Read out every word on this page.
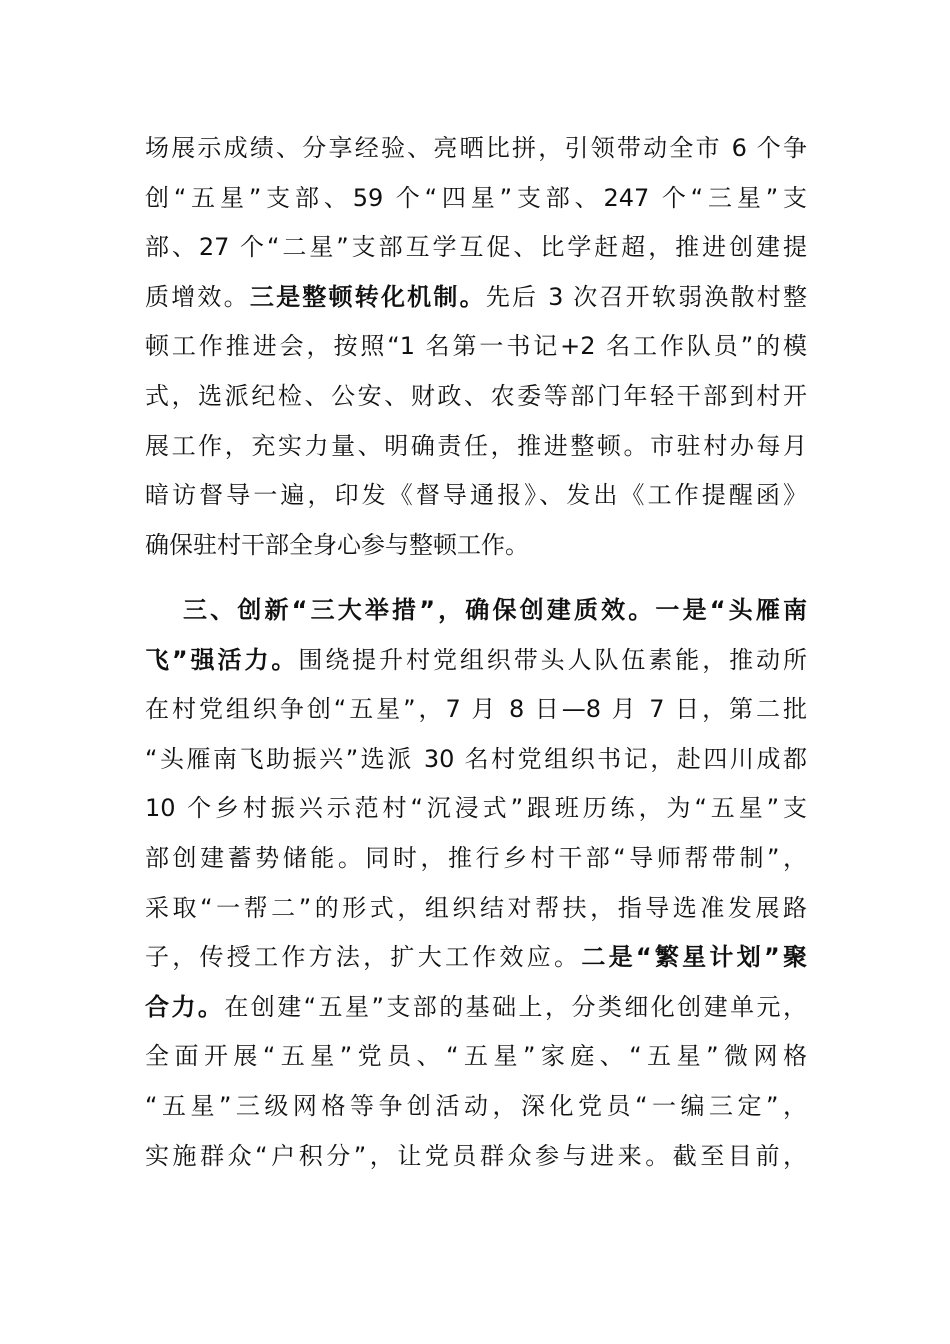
场展示成绩、分享经验、亮晒比拼，引领带动全市 6 个争
创“五星”支部、59 个“四星”支部、247 个“三星”支
部、27 个“二星”支部互学互促、比学赶超，推进创建提
质增效。三是整顿转化机制。先后 3 次召开软弱涣散村整
顿工作推进会，按照“1 名第一书记+2 名工作队员”的模
式，选派纪检、公安、财政、农委等部门年轻干部到村开
展工作，充实力量、明确责任，推进整顿。市驻村办每月
暗访督导一遍，印发《督导通报》、发出《工作提醒函》
确保驻村干部全身心参与整顿工作。
三、创新“三大举措”，确保创建质效。一是“头雁南
飞”强活力。围绕提升村党组织带头人队伍素能，推动所
在村党组织争创“五星”，7 月 8 日—8 月 7 日，第二批
“头雁南飞助振兴”选派 30 名村党组织书记，赴四川成都
10 个乡村振兴示范村“沉浸式”跟班历练，为“五星”支
部创建蓄势储能。同时，推行乡村干部“导师帮带制”，
采取“一帮二”的形式，组织结对帮扶，指导选准发展路
子，传授工作方法，扩大工作效应。二是“繁星计划”聚
合力。在创建“五星”支部的基础上，分类细化创建单元，
全面开展“五星”党员、“五星”家庭、“五星”微网格
“五星”三级网格等争创活动，深化党员“一编三定”，
实施群众“户积分”，让党员群众参与进来。截至目前，
